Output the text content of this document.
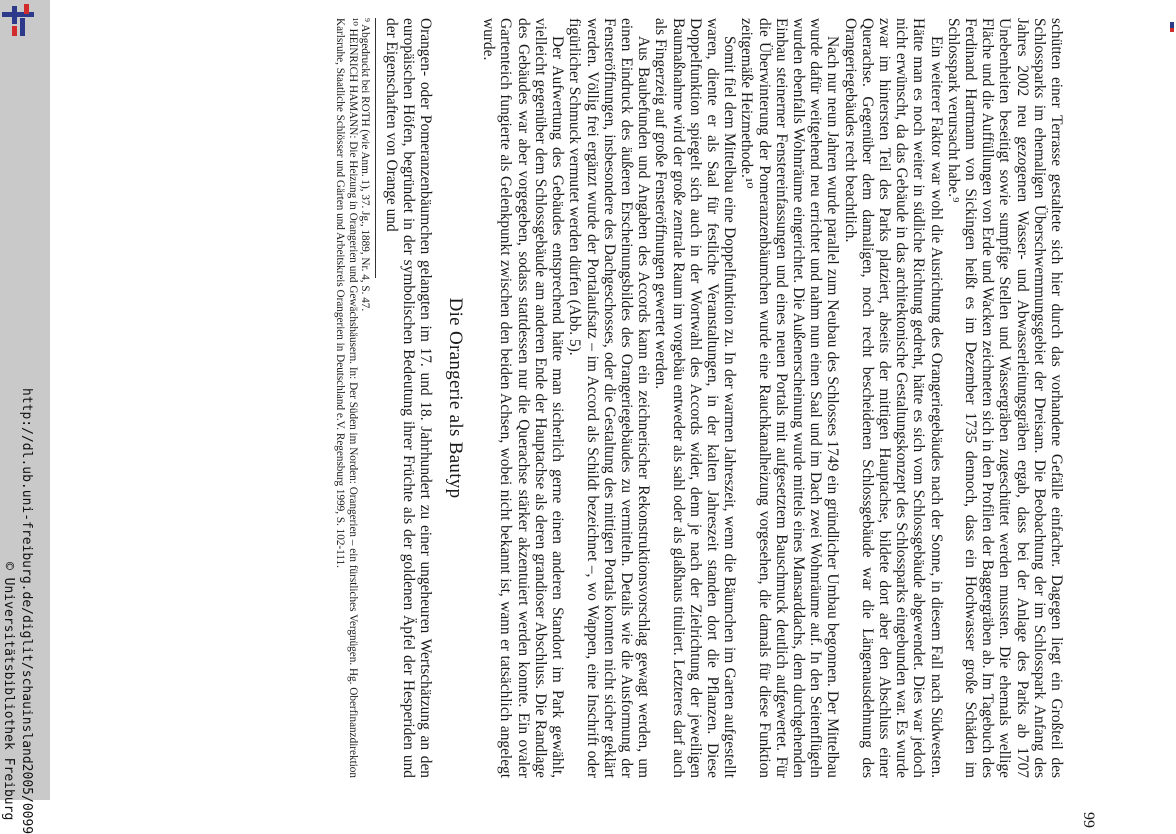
http://dl.ub.uni-freiburg.de/diglit/schauinsland2005/0099
© Universitätsbibliothek Freiburg	99

schütten einer Terrasse gestaltete sich hier durch das vorhandene Gefälle einfacher. Dagegen liegt ein Großteil des Schlossparks im ehemaligen Überschwemmungsgebiet der Dreisam. Die Beobachtung der im Schlosspark Anfang des Jahres 2002 neu gezogenen Wasser- und Abwasserleitungsgräben ergab, dass bei der Anlage des Parks ab 1707 Unebenheiten beseitigt sowie sumpfige Stellen und Wassergräben zugeschüttet werden mussten. Die ehemals wellige Fläche und die Auffüllungen von Erde und Wacken zeichneten sich in den Profilen der Baggergräben ab. Im Tagebuch des Ferdinand Hartmann von Sickingen heißt es im Dezember 1735 dennoch, dass ein Hochwasser große Schäden im Schlosspark verursacht habe.⁹

Ein weiterer Faktor war wohl die Ausrichtung des Orangeriegebäudes nach der Sonne, in diesem Fall nach Südwesten. Hätte man es noch weiter in südliche Richtung gedreht, hätte es sich vom Schlossgebäude abgewendet. Dies war jedoch nicht erwünscht, da das Gebäude in das architektonische Gestaltungskonzept des Schlossparks eingebunden war. Es wurde zwar im hintersten Teil des Parks platziert, abseits der mittigen Hauptachse, bildete dort aber den Abschluss einer Querachse. Gegenüber dem damaligen, noch recht bescheidenen Schlossgebäude war die Längenausdehnung des Orangeriegebäudes recht beachtlich.

Nach nur neun Jahren wurde parallel zum Neubau des Schlosses 1749 ein gründlicher Umbau begonnen. Der Mittelbau wurde dafür weitgehend neu errichtet und nahm nun einen Saal und im Dach zwei Wohnräume auf. In den Seitenflügeln wurden ebenfalls Wohnräume eingerichtet. Die Außenerscheinung wurde mittels eines Mansarddachs, dem durchgehenden Einbau steinerner Fenstereinfassungen und eines neuen Portals mit aufgesetztem Bauschmuck deutlich aufgewertet. Für die Überwinterung der Pomeranzenbäumchen wurde eine Rauchkanalheizung vorgesehen, die damals für diese Funktion zeitgemäße Heizmethode.¹⁰

Somit fiel dem Mittelbau eine Doppelfunktion zu. In der warmen Jahreszeit, wenn die Bäumchen im Garten aufgestellt waren, diente er als Saal für festliche Veranstaltungen, in der kalten Jahreszeit standen dort die Pflanzen. Diese Doppelfunktion spiegelt sich auch in der Wortwahl des Accords wider, denn je nach der Zielrichtung der jeweiligen Baumaßnahme wird der große zentrale Raum im vorgebäu entweder als sahl oder als glaßhaus tituliert. Letzteres darf auch als Fingerzeig auf große Fensteröffnungen gewertet werden.

Aus Baubefunden und Angaben des Accords kann ein zeichnerischer Rekonstruktionsvorschlag gewagt werden, um einen Eindruck des äußeren Erscheinungsbildes des Orangeriegebäudes zu vermitteln. Details wie die Ausformung der Fensteröffnungen, insbesondere des Dachgeschosses, oder die Gestaltung des mittigen Portals konnten nicht sicher geklärt werden. Völlig frei ergänzt wurde der Portalaufsatz – im Accord als Schildt bezeichnet –, wo Wappen, eine Inschrift oder figürlicher Schmuck vermutet werden dürfen (Abb. 5).

Der Aufwertung des Gebäudes entsprechend hätte man sicherlich gerne einen anderen Standort im Park gewählt, vielleicht gegenüber dem Schlossgebäude am anderen Ende der Hauptachse als deren grandioser Abschluss. Die Randlage des Gebäudes war aber vorgegeben, sodass stattdessen nur die Querachse stärker akzentuiert werden konnte. Ein ovaler Gartenteich fungierte als Gelenkpunkt zwischen den beiden Achsen, wobei nicht bekannt ist, wann er tatsächlich angelegt wurde.

Die Orangerie als Bautyp

Orangen- oder Pomeranzenbäumchen gelangten im 17. und 18. Jahrhundert zu einer ungeheuren Wertschätzung an den europäischen Höfen, begründet in der symbolischen Bedeutung ihrer Früchte als der goldenen Äpfel der Hesperiden und der Eigenschaften von Orange und

⁹ Abgedruckt bei ROTH (wie Anm. 1), 37. Jg., 1889, Nr. 4, S. 47.

¹⁰ HEINRICH HAMANN: Die Heizung in Orangerien und Gewächshäusern. In: Der Süden im Norden: Orangerien – ein fürstliches Vergnügen. Hg. Oberfinanzdirektion Karlsruhe, Staatliche Schlösser und Gärten und Arbeitskreis Orangerien in Deutschland e.V. Regensburg 1999, S. 102-111.
